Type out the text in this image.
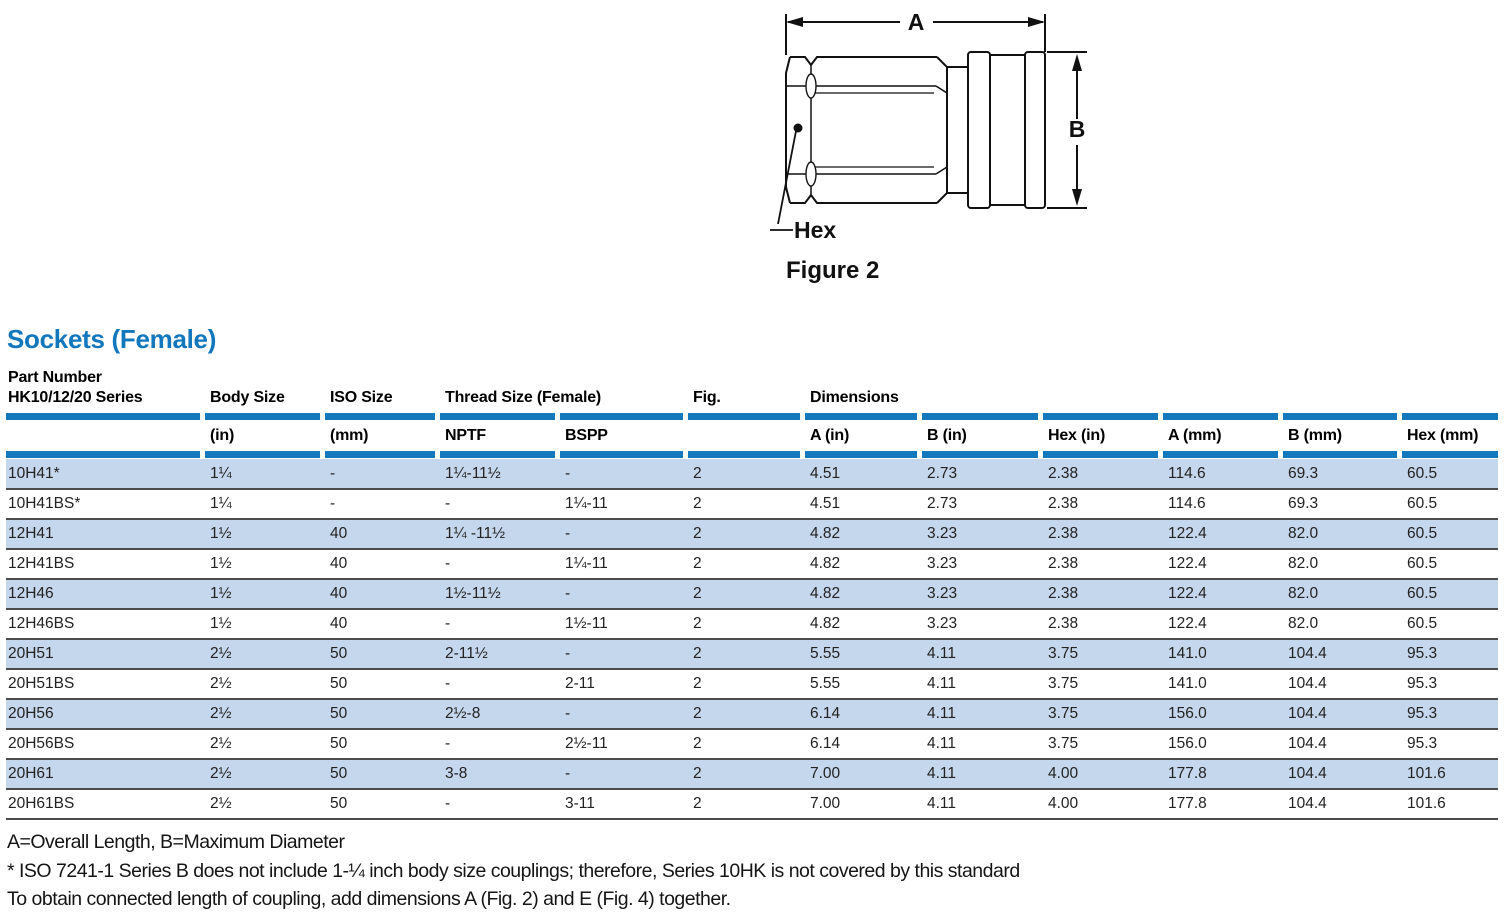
A
B
Hex
Figure 2
Sockets (Female)
Part Number
HK10/12/20 Series	Body Size	ISO Size	Thread Size (Female)		Fig.	Dimensions					

	(in)	(mm)	NPTF	BSPP		A (in)	B (in)	Hex (in)	A (mm)	B (mm)	Hex (mm)

10H41*	1¼	-	1¼-11½	-	2	4.51	2.73	2.38	114.6	69.3	60.5
10H41BS*	1¼	-	-	1¼-11	2	4.51	2.73	2.38	114.6	69.3	60.5
12H41	1½	40	1¼ -11½	-	2	4.82	3.23	2.38	122.4	82.0	60.5
12H41BS	1½	40	-	1¼-11	2	4.82	3.23	2.38	122.4	82.0	60.5
12H46	1½	40	1½-11½	-	2	4.82	3.23	2.38	122.4	82.0	60.5
12H46BS	1½	40	-	1½-11	2	4.82	3.23	2.38	122.4	82.0	60.5
20H51	2½	50	2-11½	-	2	5.55	4.11	3.75	141.0	104.4	95.3
20H51BS	2½	50	-	2-11	2	5.55	4.11	3.75	141.0	104.4	95.3
20H56	2½	50	2½-8	-	2	6.14	4.11	3.75	156.0	104.4	95.3
20H56BS	2½	50	-	2½-11	2	6.14	4.11	3.75	156.0	104.4	95.3
20H61	2½	50	3-8	-	2	7.00	4.11	4.00	177.8	104.4	101.6
20H61BS	2½	50	-	3-11	2	7.00	4.11	4.00	177.8	104.4	101.6
A=Overall Length, B=Maximum Diameter
* ISO 7241-1 Series B does not include 1-¼ inch body size couplings; therefore, Series 10HK is not covered by this standard
To obtain connected length of coupling, add dimensions A (Fig. 2) and E (Fig. 4) together.
